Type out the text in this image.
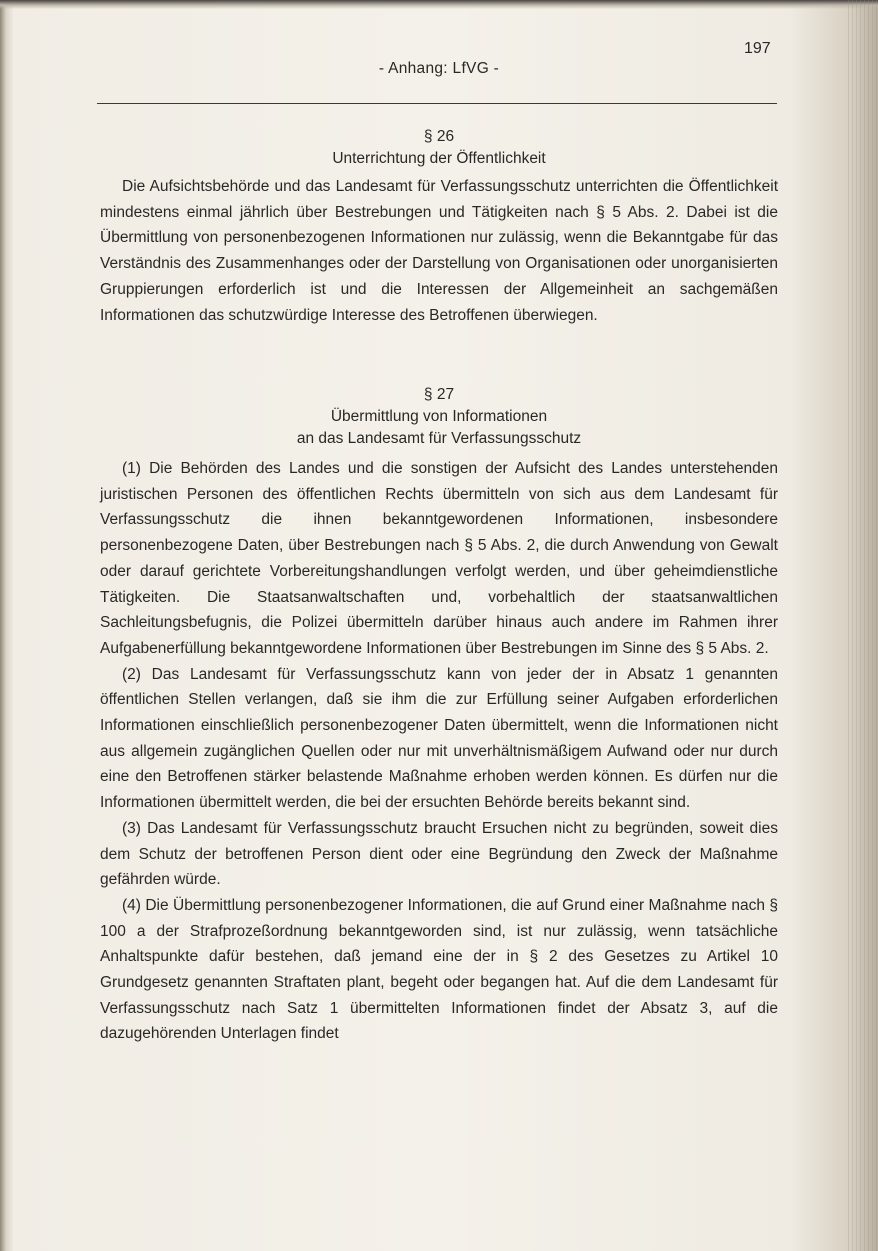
197
- Anhang: LfVG -
§ 26
Unterrichtung der Öffentlichkeit

Die Aufsichtsbehörde und das Landesamt für Verfassungsschutz unterrichten die Öffentlichkeit mindestens einmal jährlich über Bestrebungen und Tätigkeiten nach § 5 Abs. 2. Dabei ist die Übermittlung von personenbezogenen Informationen nur zulässig, wenn die Bekanntgabe für das Verständnis des Zusammenhanges oder der Darstellung von Organisationen oder unorganisierten Gruppierungen erforderlich ist und die Interessen der Allgemeinheit an sachgemäßen Informationen das schutzwürdige Interesse des Betroffenen überwiegen.

§ 27
Übermittlung von Informationen
an das Landesamt für Verfassungsschutz

(1) Die Behörden des Landes und die sonstigen der Aufsicht des Landes unterstehenden juristischen Personen des öffentlichen Rechts übermitteln von sich aus dem Landesamt für Verfassungsschutz die ihnen bekanntgewordenen Informationen, insbesondere personenbezogene Daten, über Bestrebungen nach § 5 Abs. 2, die durch Anwendung von Gewalt oder darauf gerichtete Vorbereitungshandlungen verfolgt werden, und über geheimdienstliche Tätigkeiten. Die Staatsanwaltschaften und, vorbehaltlich der staatsanwaltlichen Sachleitungsbefugnis, die Polizei übermitteln darüber hinaus auch andere im Rahmen ihrer Aufgabenerfüllung bekanntgewordene Informationen über Bestrebungen im Sinne des § 5 Abs. 2.

(2) Das Landesamt für Verfassungsschutz kann von jeder der in Absatz 1 genannten öffentlichen Stellen verlangen, daß sie ihm die zur Erfüllung seiner Aufgaben erforderlichen Informationen einschließlich personenbezogener Daten übermittelt, wenn die Informationen nicht aus allgemein zugänglichen Quellen oder nur mit unverhältnismäßigem Aufwand oder nur durch eine den Betroffenen stärker belastende Maßnahme erhoben werden können. Es dürfen nur die Informationen übermittelt werden, die bei der ersuchten Behörde bereits bekannt sind.

(3) Das Landesamt für Verfassungsschutz braucht Ersuchen nicht zu begründen, soweit dies dem Schutz der betroffenen Person dient oder eine Begründung den Zweck der Maßnahme gefährden würde.

(4) Die Übermittlung personenbezogener Informationen, die auf Grund einer Maßnahme nach § 100 a der Strafprozeßordnung bekanntgeworden sind, ist nur zulässig, wenn tatsächliche Anhaltspunkte dafür bestehen, daß jemand eine der in § 2 des Gesetzes zu Artikel 10 Grundgesetz genannten Straftaten plant, begeht oder begangen hat. Auf die dem Landesamt für Verfassungsschutz nach Satz 1 übermittelten Informationen findet der Absatz 3, auf die dazugehörenden Unterlagen findet
